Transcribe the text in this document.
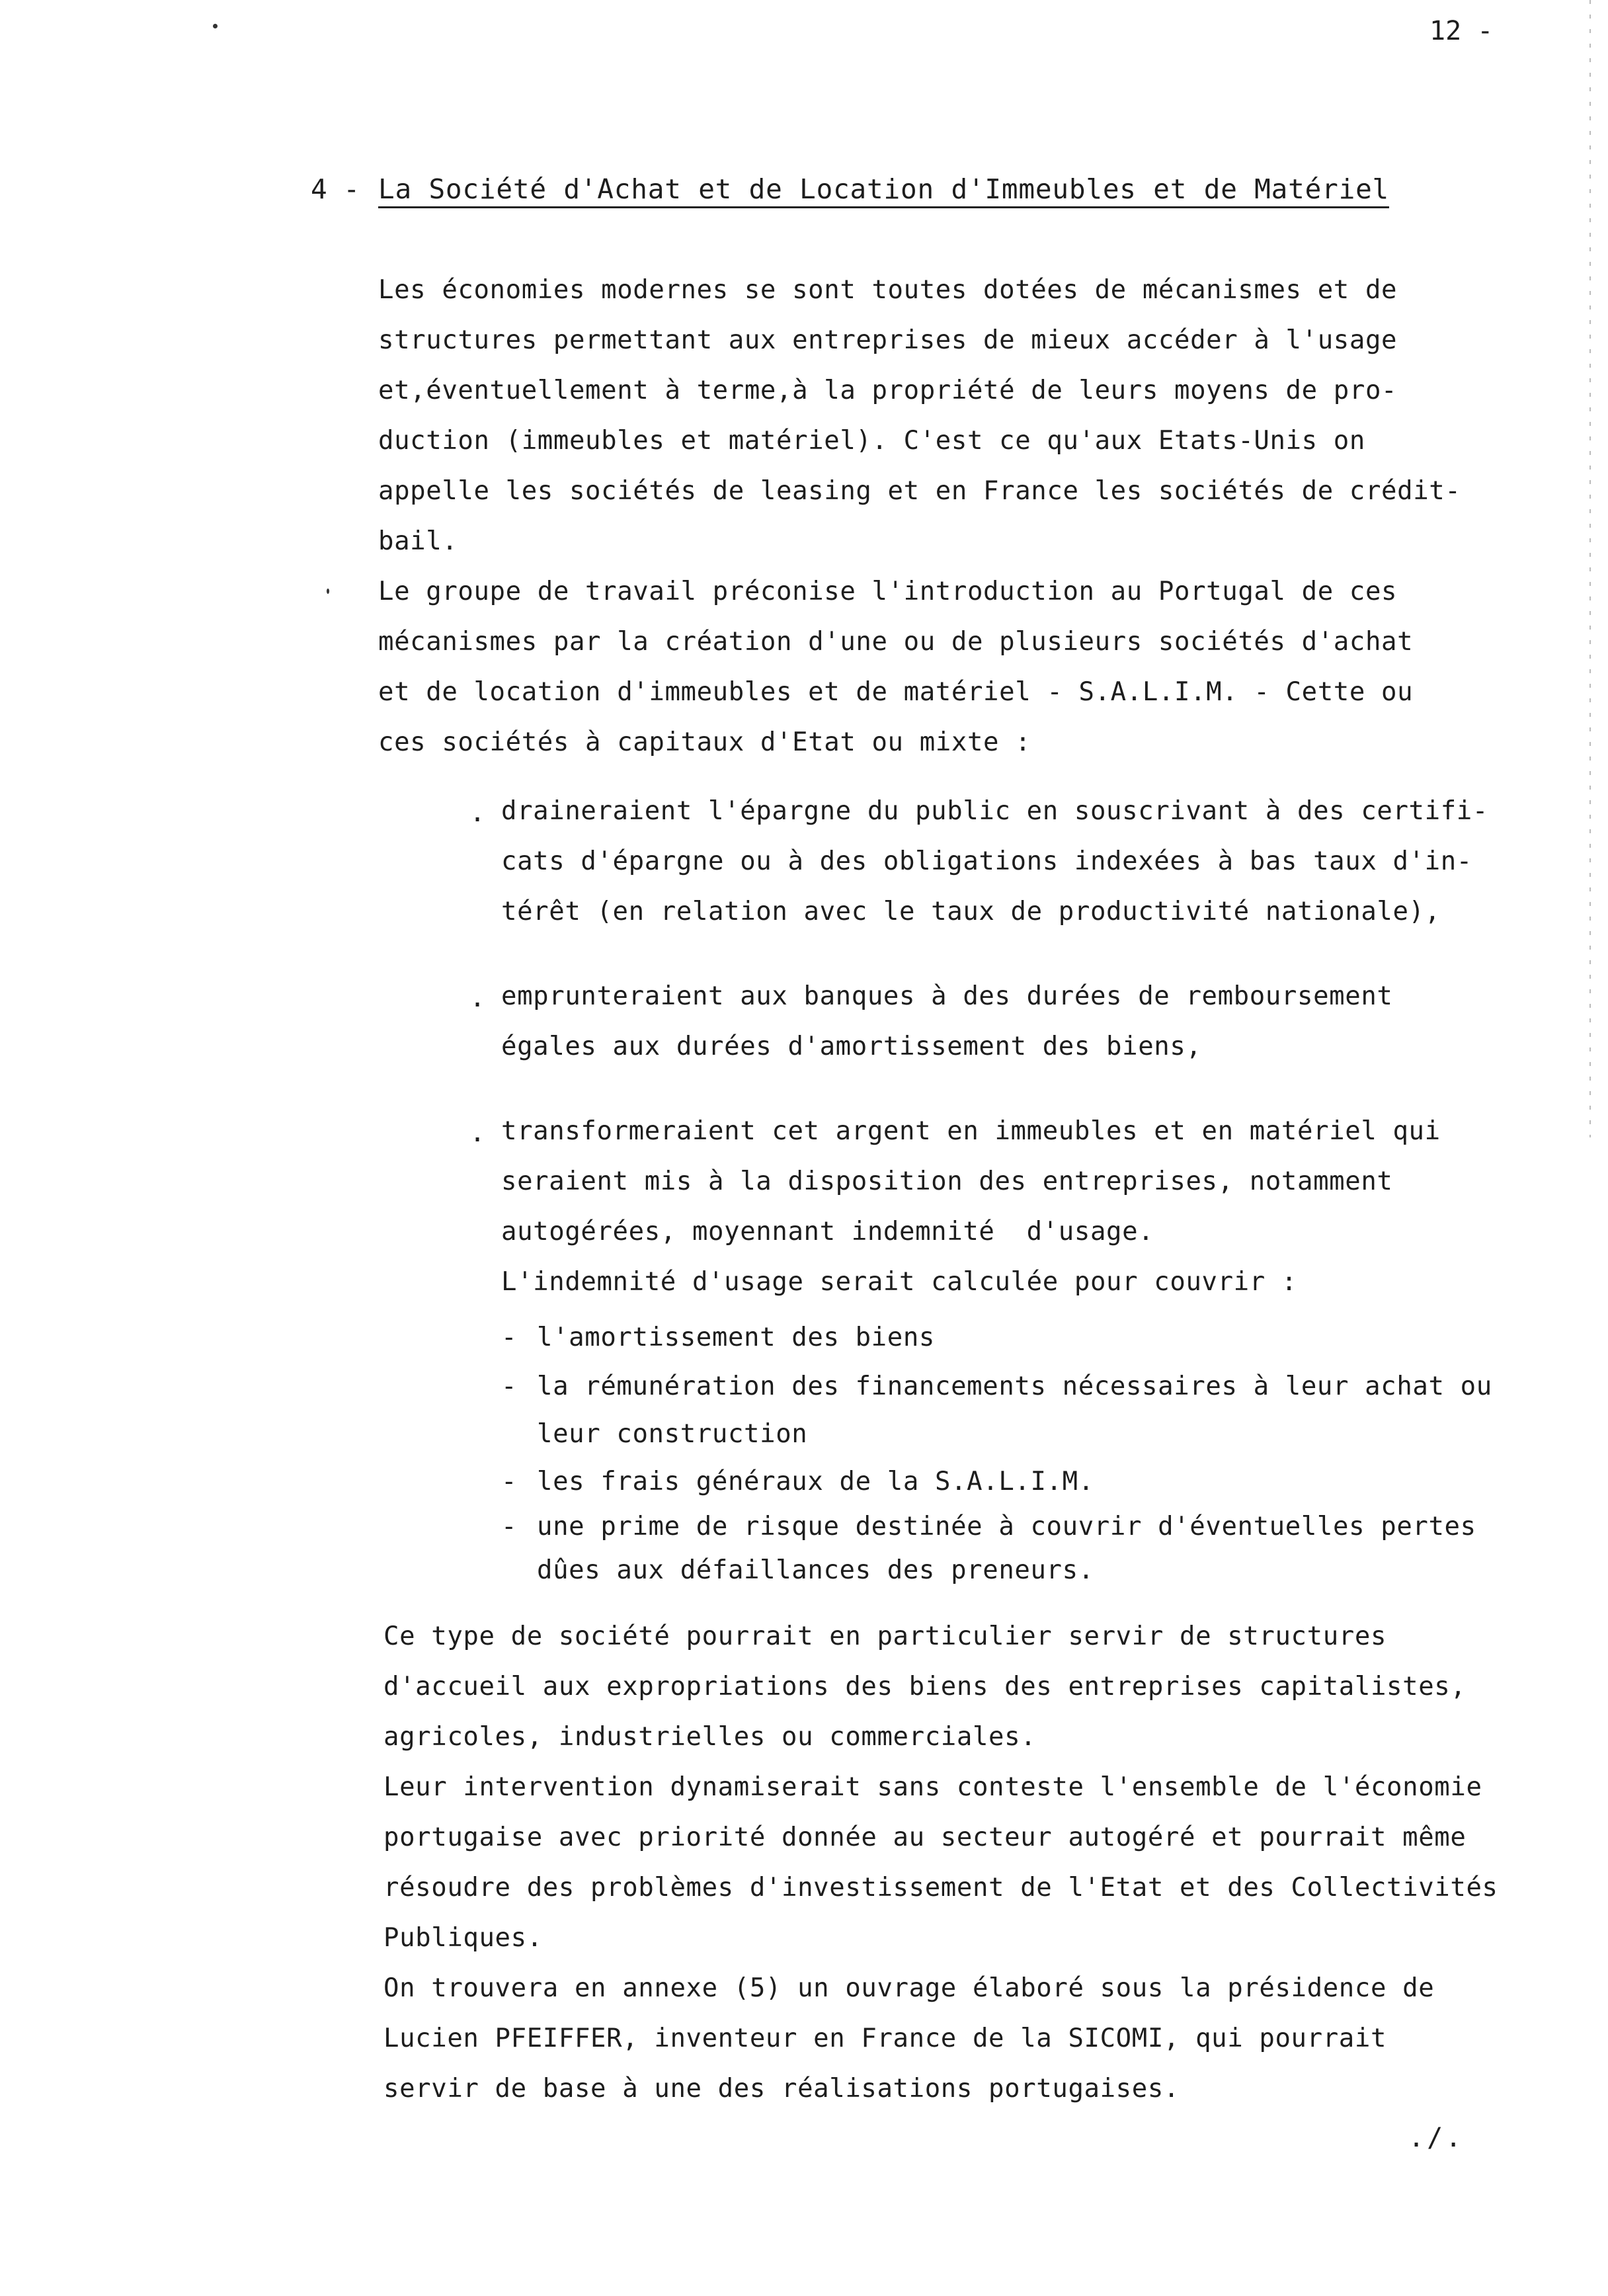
12 -
4 - La Société d'Achat et de Location d'Immeubles et de Matériel
Les économies modernes se sont toutes dotées de mécanismes et de
structures permettant aux entreprises de mieux accéder à l'usage
et,éventuellement à terme,à la propriété de leurs moyens de pro-
duction (immeubles et matériel). C'est ce qu'aux Etats-Unis on
appelle les sociétés de leasing et en France les sociétés de crédit-
bail.
Le groupe de travail préconise l'introduction au Portugal de ces
mécanismes par la création d'une ou de plusieurs sociétés d'achat
et de location d'immeubles et de matériel - S.A.L.I.M. - Cette ou
ces sociétés à capitaux d'Etat ou mixte :
. draineraient l'épargne du public en souscrivant à des certifi-
cats d'épargne ou à des obligations indexées à bas taux d'in-
térêt (en relation avec le taux de productivité nationale),
. emprunteraient aux banques à des durées de remboursement
égales aux durées d'amortissement des biens,
. transformeraient cet argent en immeubles et en matériel qui
seraient mis à la disposition des entreprises, notamment
autogérées, moyennant indemnité  d'usage.
L'indemnité d'usage serait calculée pour couvrir :
- l'amortissement des biens
- la rémunération des financements nécessaires à leur achat ou
leur construction
- les frais généraux de la S.A.L.I.M.
- une prime de risque destinée à couvrir d'éventuelles pertes
dûes aux défaillances des preneurs.
Ce type de société pourrait en particulier servir de structures
d'accueil aux expropriations des biens des entreprises capitalistes,
agricoles, industrielles ou commerciales.
Leur intervention dynamiserait sans conteste l'ensemble de l'économie
portugaise avec priorité donnée au secteur autogéré et pourrait même
résoudre des problèmes d'investissement de l'Etat et des Collectivités
Publiques.
On trouvera en annexe (5) un ouvrage élaboré sous la présidence de
Lucien PFEIFFER, inventeur en France de la SICOMI, qui pourrait
servir de base à une des réalisations portugaises.
./.
